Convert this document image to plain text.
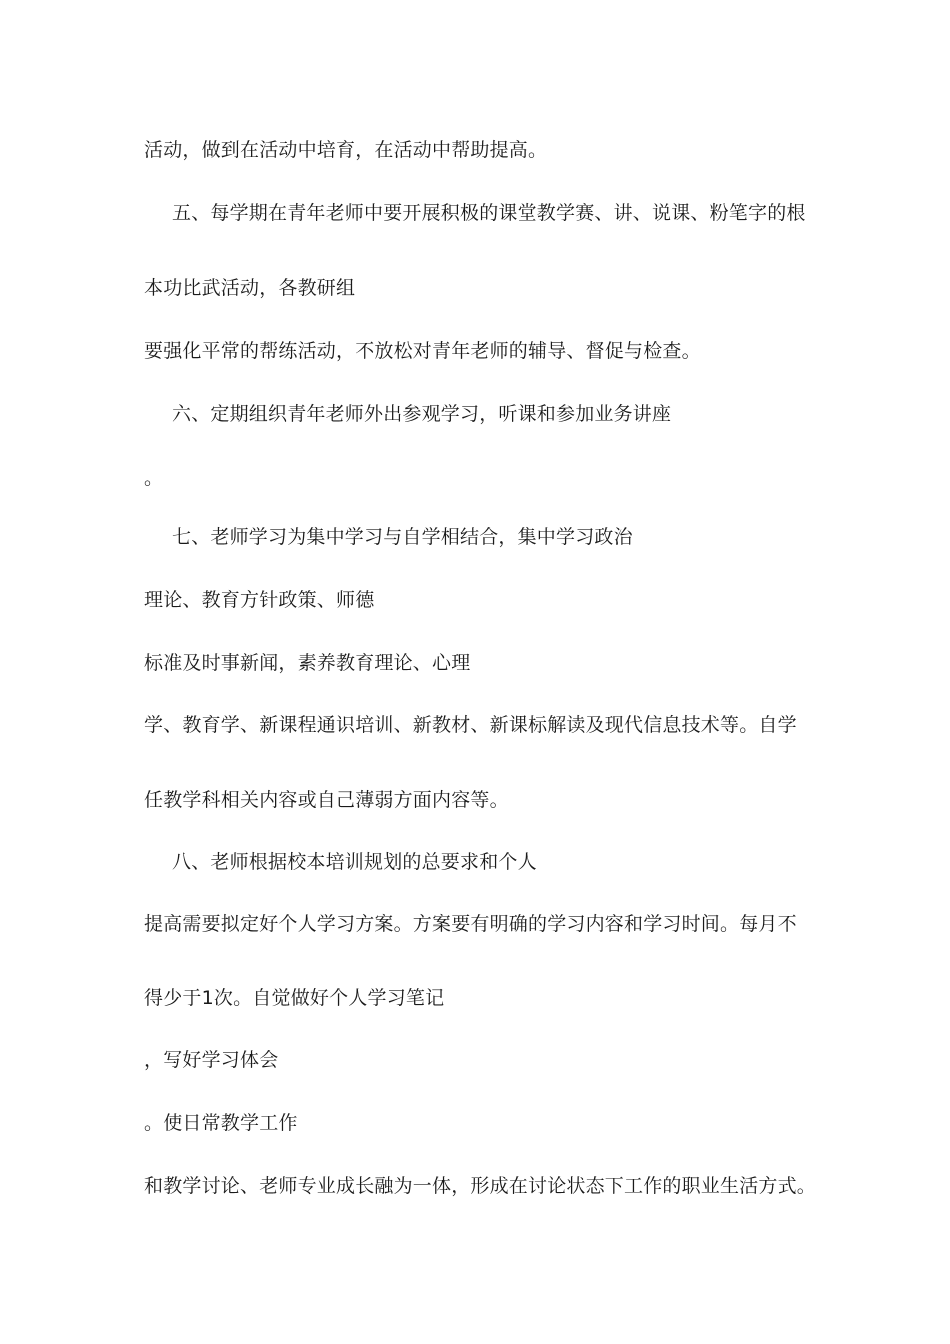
活动，做到在活动中培育，在活动中帮助提高。
五、每学期在青年老师中要开展积极的课堂教学赛、讲、说课、粉笔字的根
本功比武活动，各教研组
要强化平常的帮练活动，不放松对青年老师的辅导、督促与检查。
六、定期组织青年老师外出参观学习，听课和参加业务讲座
。
七、老师学习为集中学习与自学相结合，集中学习政治
理论、教育方针政策、师德
标准及时事新闻，素养教育理论、心理
学、教育学、新课程通识培训、新教材、新课标解读及现代信息技术等。自学
任教学科相关内容或自己薄弱方面内容等。
八、老师根据校本培训规划的总要求和个人
提高需要拟定好个人学习方案。方案要有明确的学习内容和学习时间。每月不
得少于1次。自觉做好个人学习笔记
，写好学习体会
。使日常教学工作
和教学讨论、老师专业成长融为一体，形成在讨论状态下工作的职业生活方式。
